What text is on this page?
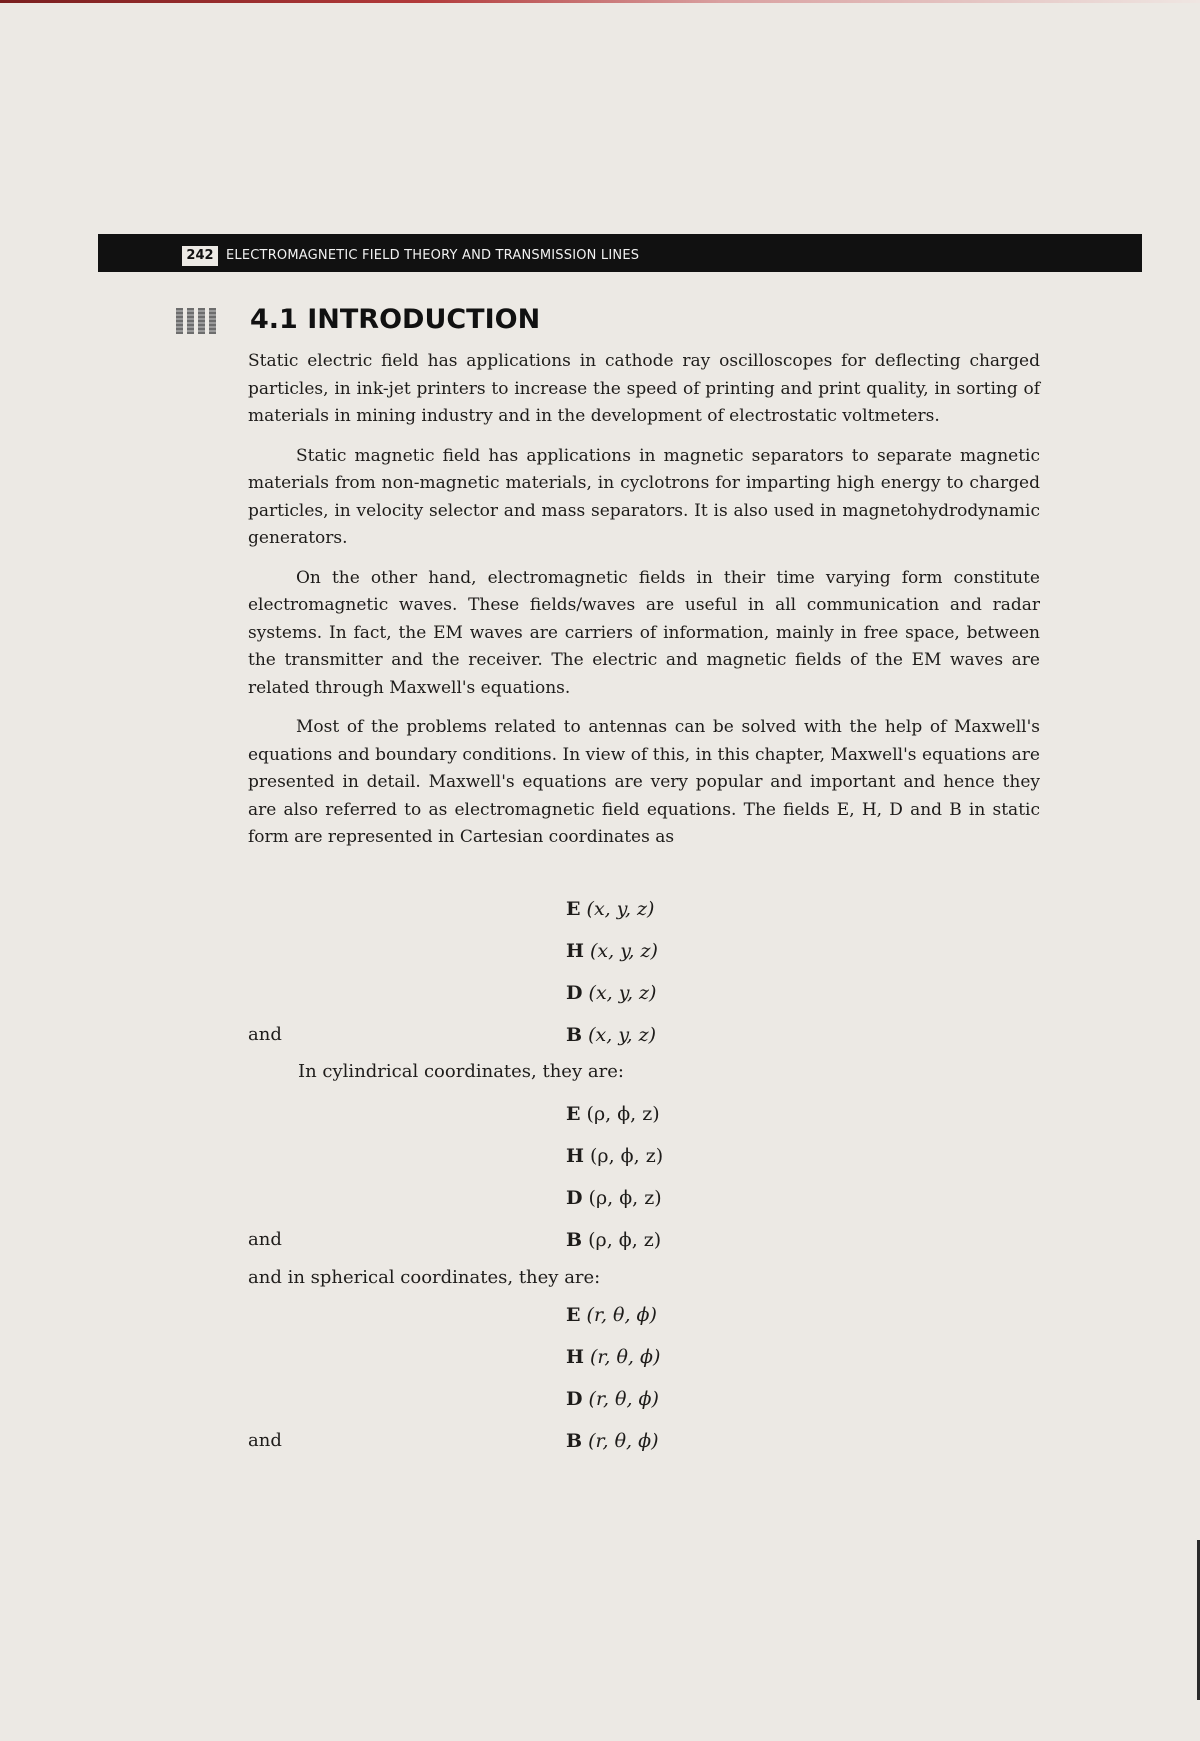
242 ELECTROMAGNETIC FIELD THEORY AND TRANSMISSION LINES
4.1 INTRODUCTION

Static electric field has applications in cathode ray oscilloscopes for deflecting charged particles, in ink-jet printers to increase the speed of printing and print quality, in sorting of materials in mining industry and in the development of electrostatic voltmeters.

Static magnetic field has applications in magnetic separators to separate magnetic materials from non-magnetic materials, in cyclotrons for imparting high energy to charged particles, in velocity selector and mass separators. It is also used in magnetohydrodynamic generators.

On the other hand, electromagnetic fields in their time varying form constitute electromagnetic waves. These fields/waves are useful in all communication and radar systems. In fact, the EM waves are carriers of information, mainly in free space, between the transmitter and the receiver. The electric and magnetic fields of the EM waves are related through Maxwell's equations.

Most of the problems related to antennas can be solved with the help of Maxwell's equations and boundary conditions. In view of this, in this chapter, Maxwell's equations are presented in detail. Maxwell's equations are very popular and important and hence they are also referred to as electromagnetic field equations. The fields E, H, D and B in static form are represented in Cartesian coordinates as

E (x, y, z)
H (x, y, z)
D (x, y, z)
and	B (x, y, z)
In cylindrical coordinates, they are:
E (ρ, ϕ, z)
H (ρ, ϕ, z)
D (ρ, ϕ, z)
and	B (ρ, ϕ, z)
and in spherical coordinates, they are:
E (r, θ, ϕ)
H (r, θ, ϕ)
D (r, θ, ϕ)
and	B (r, θ, ϕ)
